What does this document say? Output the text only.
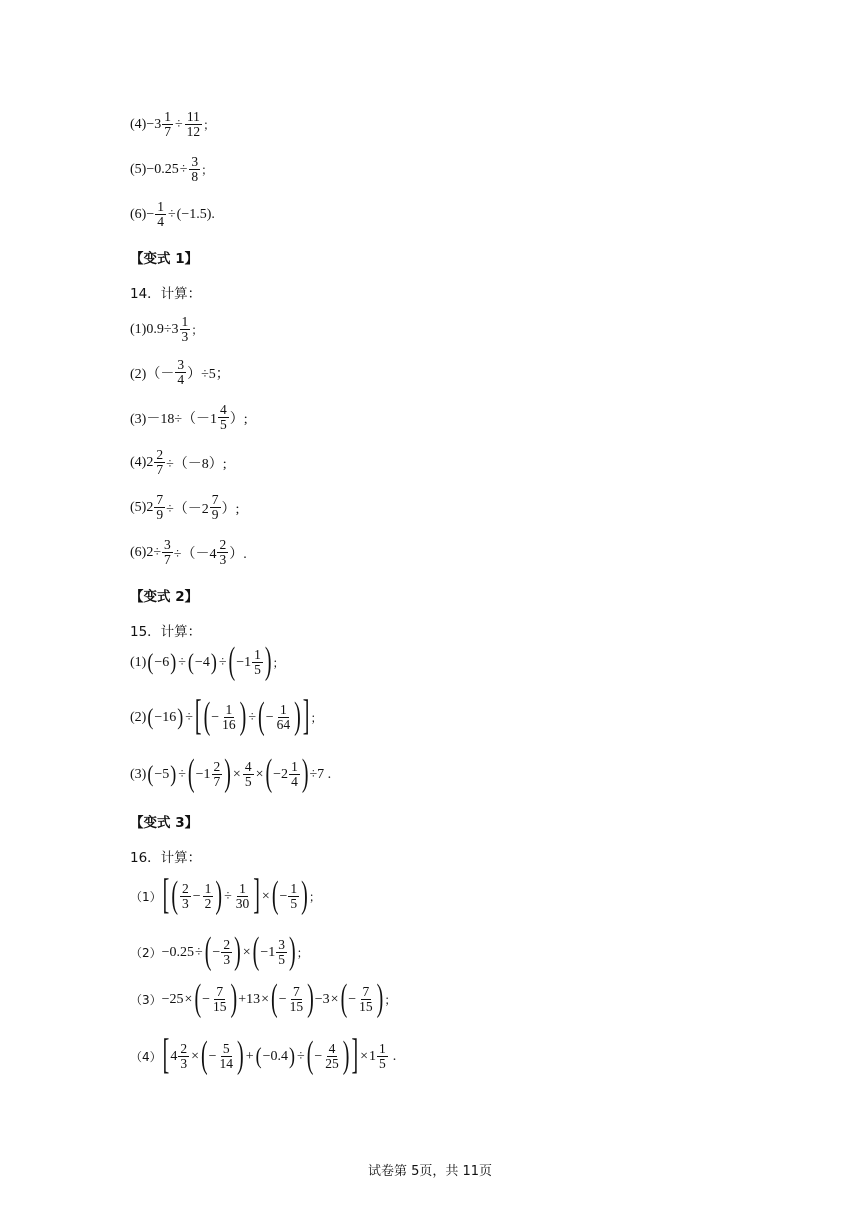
$(4) -3 \frac{1}{7} \div \frac{11}{12}$ ；
$(5) -0.25 \div \frac{3}{8}$ ；
$(6) - \frac{1}{4} \div (-1.5)$ .
【变式 1】
14．计算：
$(1)0.9\div 3 \frac{1}{3}$ ；
$(2)(- \frac{3}{4} )\div 5$；
$(3)-18\div(-1 \frac{4}{5}$ ）;
$(4)2 \frac{2}{7} \div(-8)$;
$(5)2 \frac{7}{9} \div(-2 \frac{7}{9}$ ）;
$(6)2\div \frac{3}{7} \div(-4 \frac{2}{3}$ ）.
【变式 2】
15．计算：
(1) ( −6 ) ÷ ( −4 ) ÷ ( $-1 \frac{1}{5}$ ) ；
(2) ( −16 ) ÷ [ ( − $\frac{1}{16}$ ) ÷ ( − $\frac{1}{64}$ ) ] ；
(3) ( −5 ) ÷ ( $-1 \frac{2}{7}$ ) × $\frac{4}{5}$ × ( $-2 \frac{1}{4}$ ) ÷7 .
【变式 3】
16．计算：
（1） [ ( $\frac{2}{3} - \frac{1}{2}$ ) ÷ $\frac{1}{30}$ ] × ( − $\frac{1}{5}$ ) ；
（2） −0.25 ÷ ( − $\frac{2}{3}$ ) × ( $-1 \frac{3}{5}$ ) ；
（3） −25 × ( − $\frac{7}{15}$ ) +13 × ( − $\frac{7}{15}$ ) −3 × ( − $\frac{7}{15}$ ) ；
（4） [ $4 \frac{2}{3}$ × ( − $\frac{5}{14}$ ) + ( −0.4 ) ÷ ( − $\frac{4}{25}$ ) ] × $1 \frac{1}{5}$ .
试卷第 5页，共 11页
